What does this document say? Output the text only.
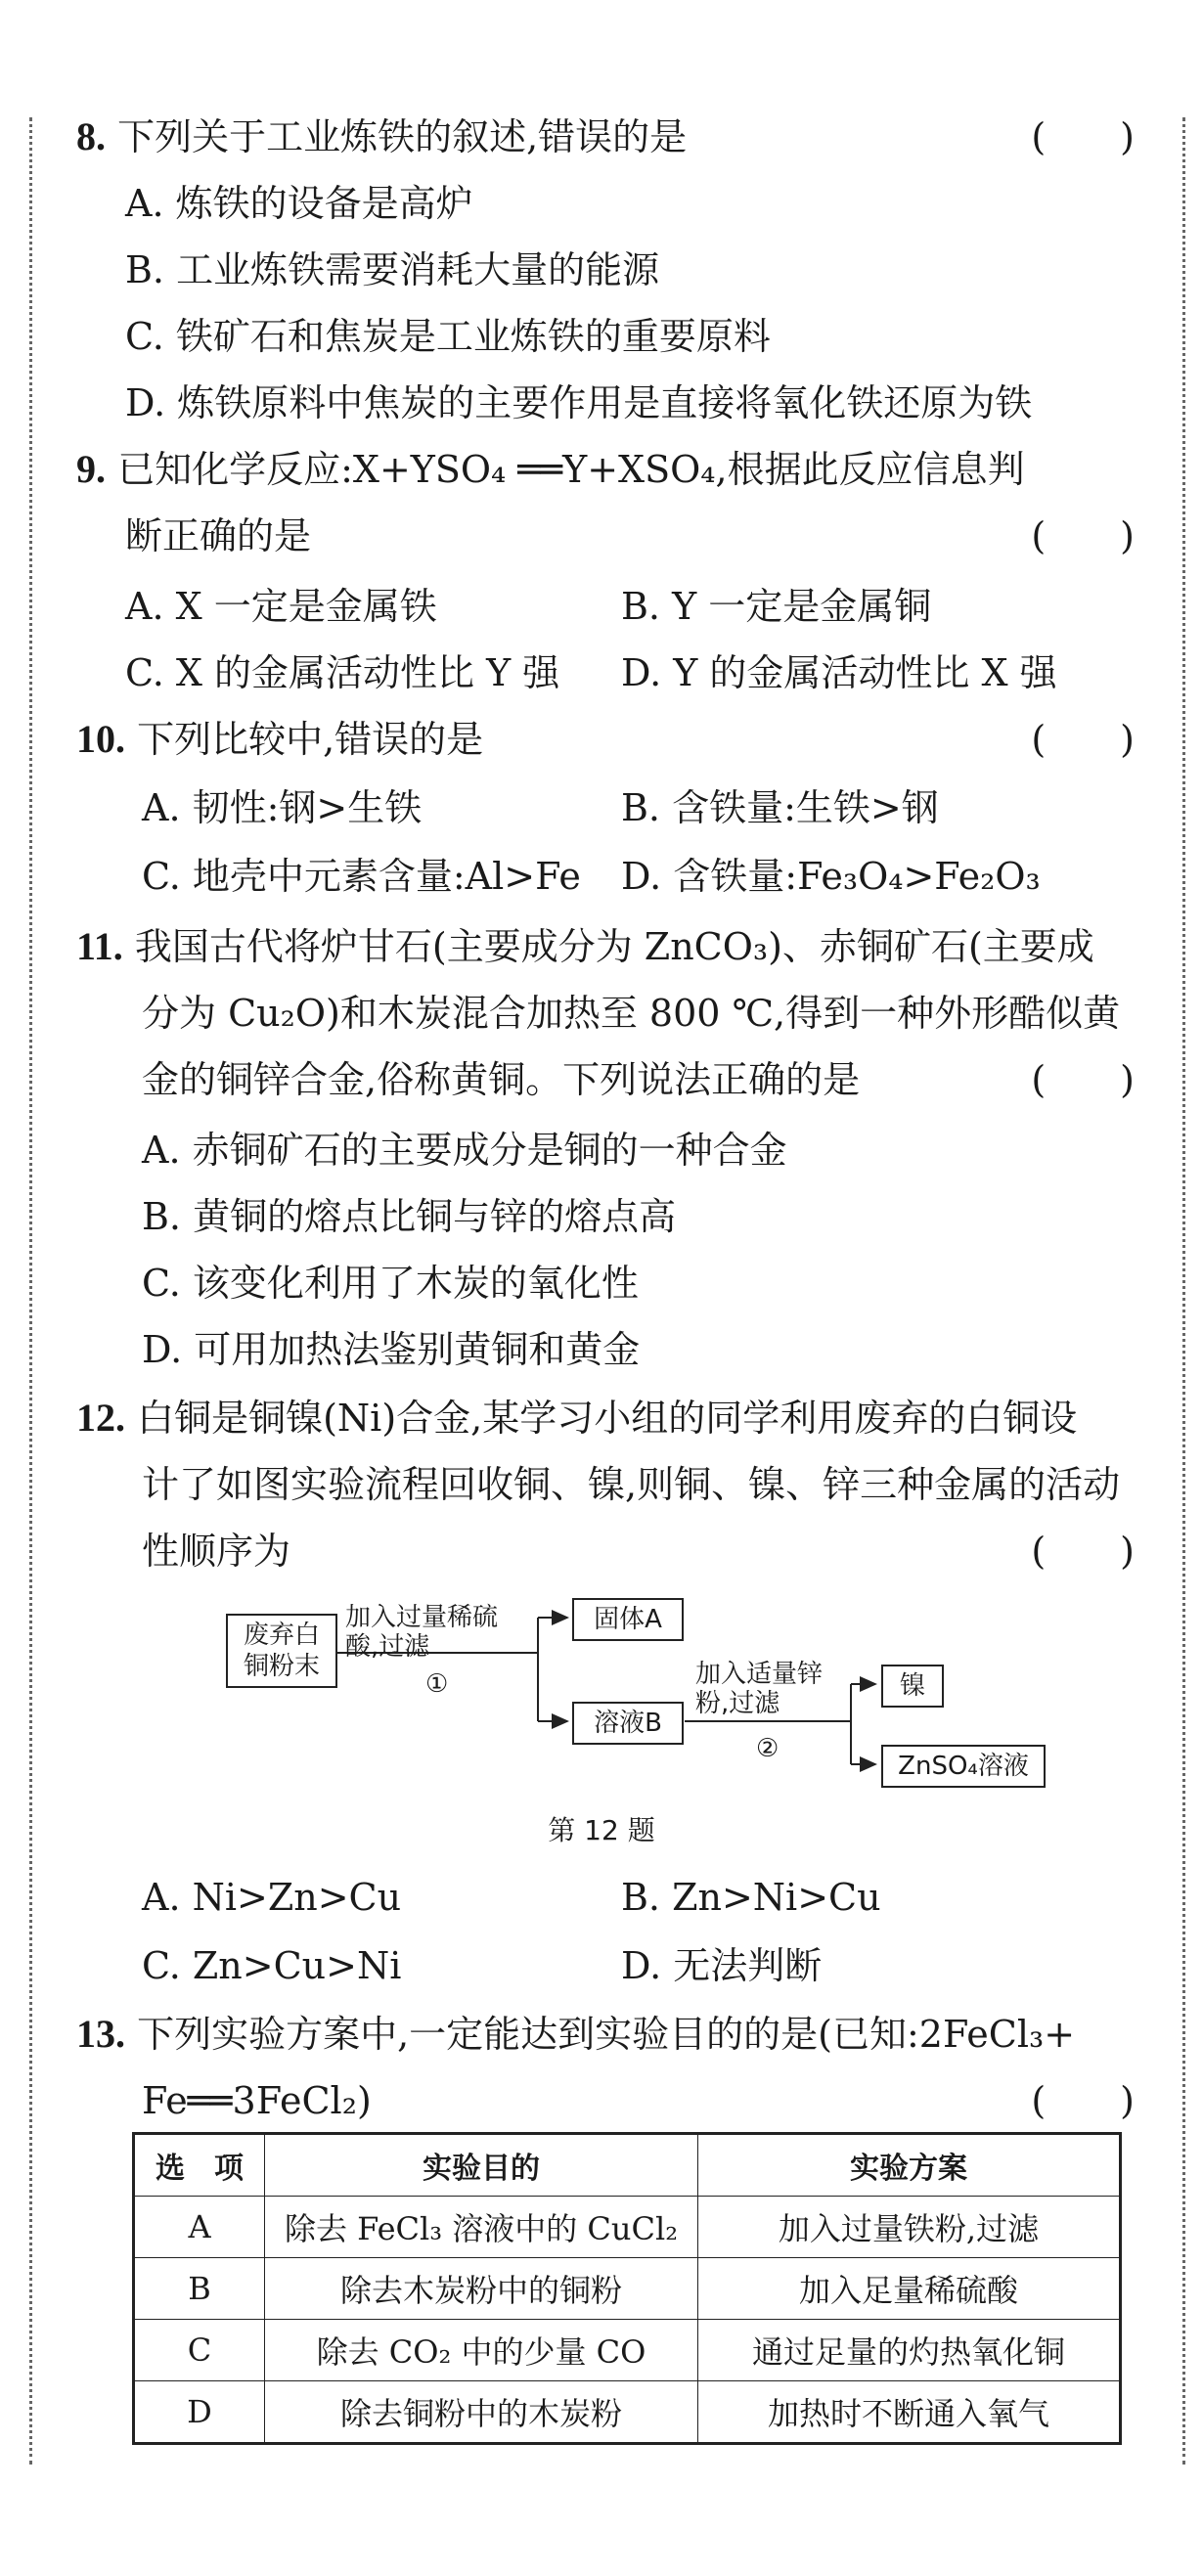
8. 下列关于工业炼铁的叙述,错误的是	(　　)
A. 炼铁的设备是高炉
B. 工业炼铁需要消耗大量的能源
C. 铁矿石和焦炭是工业炼铁的重要原料
D. 炼铁原料中焦炭的主要作用是直接将氧化铁还原为铁
9. 已知化学反应:X+YSO₄ ══Y+XSO₄,根据此反应信息判
断正确的是	(　　)
A. X 一定是金属铁	B. Y 一定是金属铜
C. X 的金属活动性比 Y 强 D. Y 的金属活动性比 X 强
10. 下列比较中,错误的是	(　　)
A. 韧性:钢>生铁	B. 含铁量:生铁>钢
C. 地壳中元素含量:Al>Fe D. 含铁量:Fe₃O₄>Fe₂O₃
11. 我国古代将炉甘石(主要成分为 ZnCO₃)、赤铜矿石(主要成
分为 Cu₂O)和木炭混合加热至 800 ℃,得到一种外形酷似黄
金的铜锌合金,俗称黄铜。下列说法正确的是	(　　)
A. 赤铜矿石的主要成分是铜的一种合金
B. 黄铜的熔点比铜与锌的熔点高
C. 该变化利用了木炭的氧化性
D. 可用加热法鉴别黄铜和黄金
12. 白铜是铜镍(Ni)合金,某学习小组的同学利用废弃的白铜设
计了如图实验流程回收铜、镍,则铜、镍、锌三种金属的活动
性顺序为	(　　)
废弃白铜粉末
加入过量稀硫
酸,过滤
①
固体A
溶液B
加入适量锌
粉,过滤
②
镍
ZnSO₄溶液
第 12 题
A. Ni>Zn>Cu	B. Zn>Ni>Cu
C. Zn>Cu>Ni	D. 无法判断
13. 下列实验方案中,一定能达到实验目的的是(已知:2FeCl₃+
Fe══3FeCl₂)	(　　)
选　项	实验目的	实验方案
A	除去 FeCl₃ 溶液中的 CuCl₂	加入过量铁粉,过滤
B	除去木炭粉中的铜粉	加入足量稀硫酸
C	除去 CO₂ 中的少量 CO	通过足量的灼热氧化铜
D	除去铜粉中的木炭粉	加热时不断通入氧气
